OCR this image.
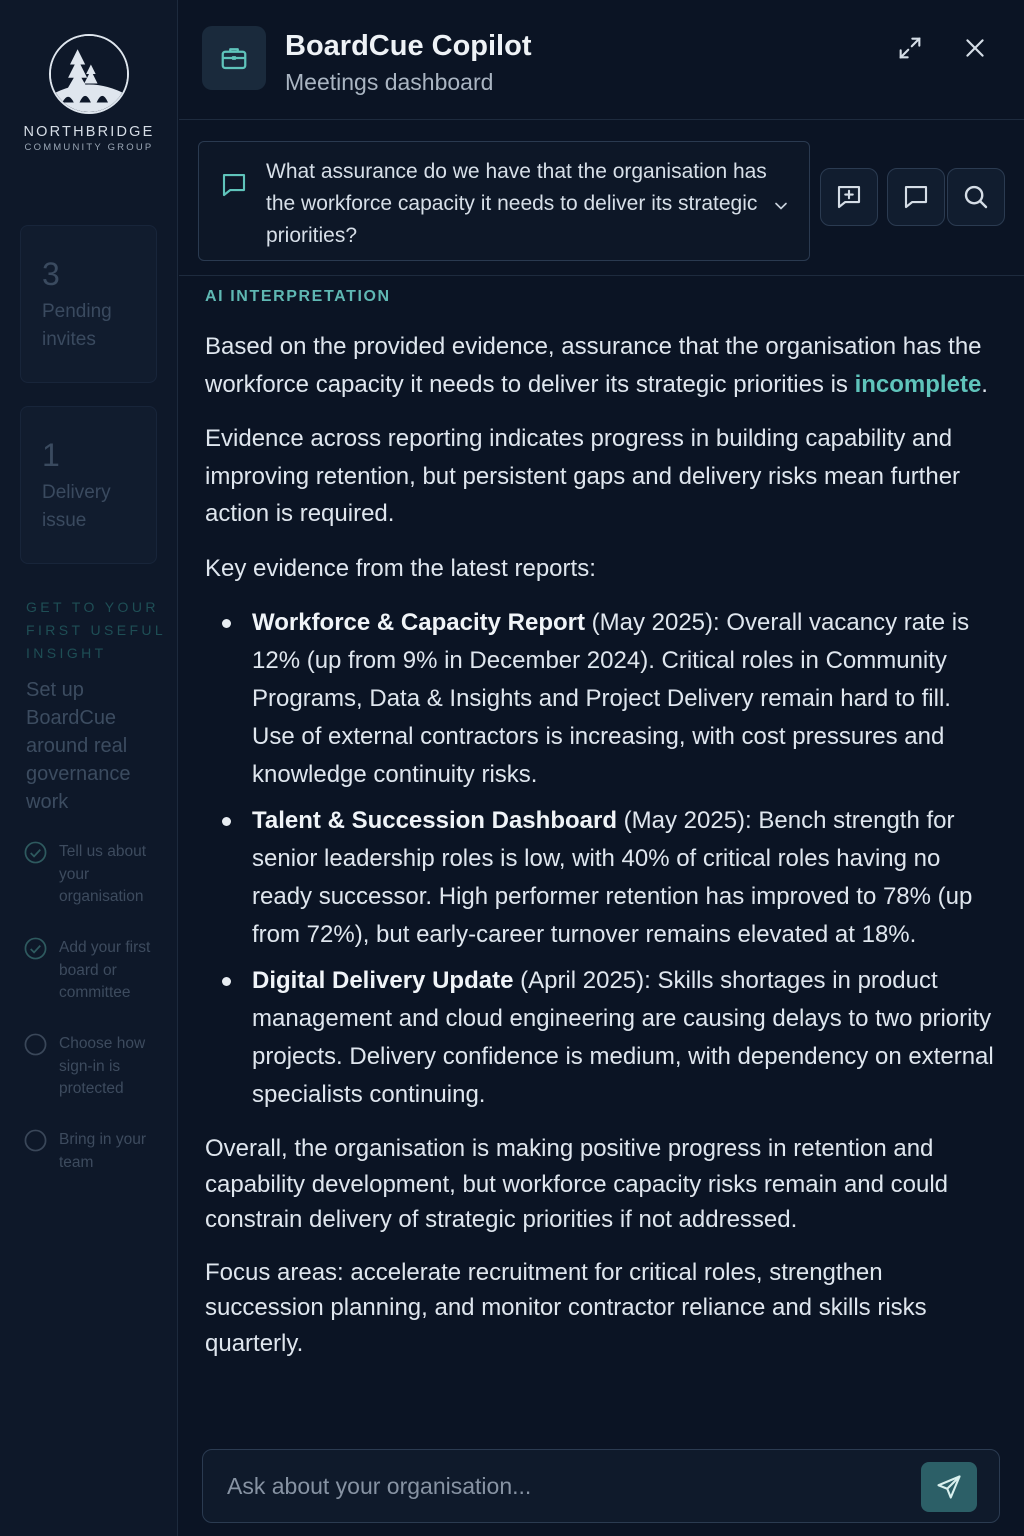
NORTHBRIDGE
COMMUNITY GROUP
3
Pending invites
1
Delivery issue
GET TO YOUR FIRST USEFUL INSIGHT
Set up BoardCue around real governance work
Tell us about your organisation
Add your first board or committee
Choose how sign-in is protected
Bring in your team
BoardCue Copilot
Meetings dashboard
What assurance do we have that the organisation has the workforce capacity it needs to deliver its strategic priorities?
AI INTERPRETATION

Based on the provided evidence, assurance that the organisation has the workforce capacity it needs to deliver its strategic priorities is incomplete.

Evidence across reporting indicates progress in building capability and improving retention, but persistent gaps and delivery risks mean further action is required.

Key evidence from the latest reports:

Workforce & Capacity Report (May 2025): Overall vacancy rate is 12% (up from 9% in December 2024). Critical roles in Community Programs, Data & Insights and Project Delivery remain hard to fill. Use of external contractors is increasing, with cost pressures and knowledge continuity risks.
Talent & Succession Dashboard (May 2025): Bench strength for senior leadership roles is low, with 40% of critical roles having no ready successor. High performer retention has improved to 78% (up from 72%), but early-career turnover remains elevated at 18%.
Digital Delivery Update (April 2025): Skills shortages in product management and cloud engineering are causing delays to two priority projects. Delivery confidence is medium, with dependency on external specialists continuing.

Overall, the organisation is making positive progress in retention and capability development, but workforce capacity risks remain and could constrain delivery of strategic priorities if not addressed.

Focus areas: accelerate recruitment for critical roles, strengthen succession planning, and monitor contractor reliance and skills risks quarterly.

Ask about your organisation...
